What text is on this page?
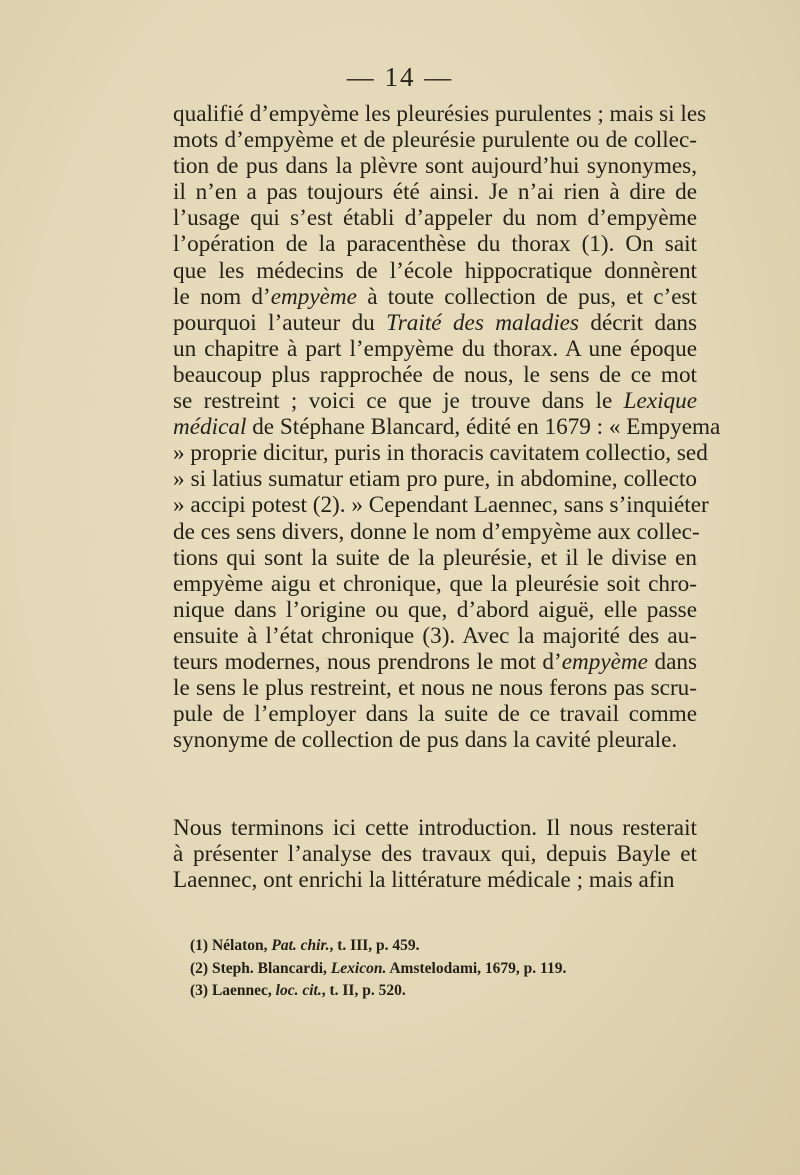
— 14 —
qualifié d’empyème les pleurésies purulentes ; mais si les
mots d’empyème et de pleurésie purulente ou de collec-
tion de pus dans la plèvre sont aujourd’hui synonymes,
il n’en a pas toujours été ainsi. Je n’ai rien à dire de
l’usage qui s’est établi d’appeler du nom d’empyème
l’opération de la paracenthèse du thorax (1). On sait
que les médecins de l’école hippocratique donnèrent
le nom d’empyème à toute collection de pus, et c’est
pourquoi l’auteur du Traité des maladies décrit dans
un chapitre à part l’empyème du thorax. A une époque
beaucoup plus rapprochée de nous, le sens de ce mot
se restreint ; voici ce que je trouve dans le Lexique
médical de Stéphane Blancard, édité en 1679 : « Empyema
» proprie dicitur, puris in thoracis cavitatem collectio, sed
» si latius sumatur etiam pro pure, in abdomine, collecto
» accipi potest (2). » Cependant Laennec, sans s’inquiéter
de ces sens divers, donne le nom d’empyème aux collec-
tions qui sont la suite de la pleurésie, et il le divise en
empyème aigu et chronique, que la pleurésie soit chro-
nique dans l’origine ou que, d’abord aiguë, elle passe
ensuite à l’état chronique (3). Avec la majorité des au-
teurs modernes, nous prendrons le mot d’empyème dans
le sens le plus restreint, et nous ne nous ferons pas scru-
pule de l’employer dans la suite de ce travail comme
synonyme de collection de pus dans la cavité pleurale.
Nous terminons ici cette introduction. Il nous resterait
à présenter l’analyse des travaux qui, depuis Bayle et
Laennec, ont enrichi la littérature médicale ; mais afin
(1) Nélaton, Pat. chir., t. III, p. 459.
(2) Steph. Blancardi, Lexicon. Amstelodami, 1679, p. 119.
(3) Laennec, loc. cit., t. II, p. 520.
